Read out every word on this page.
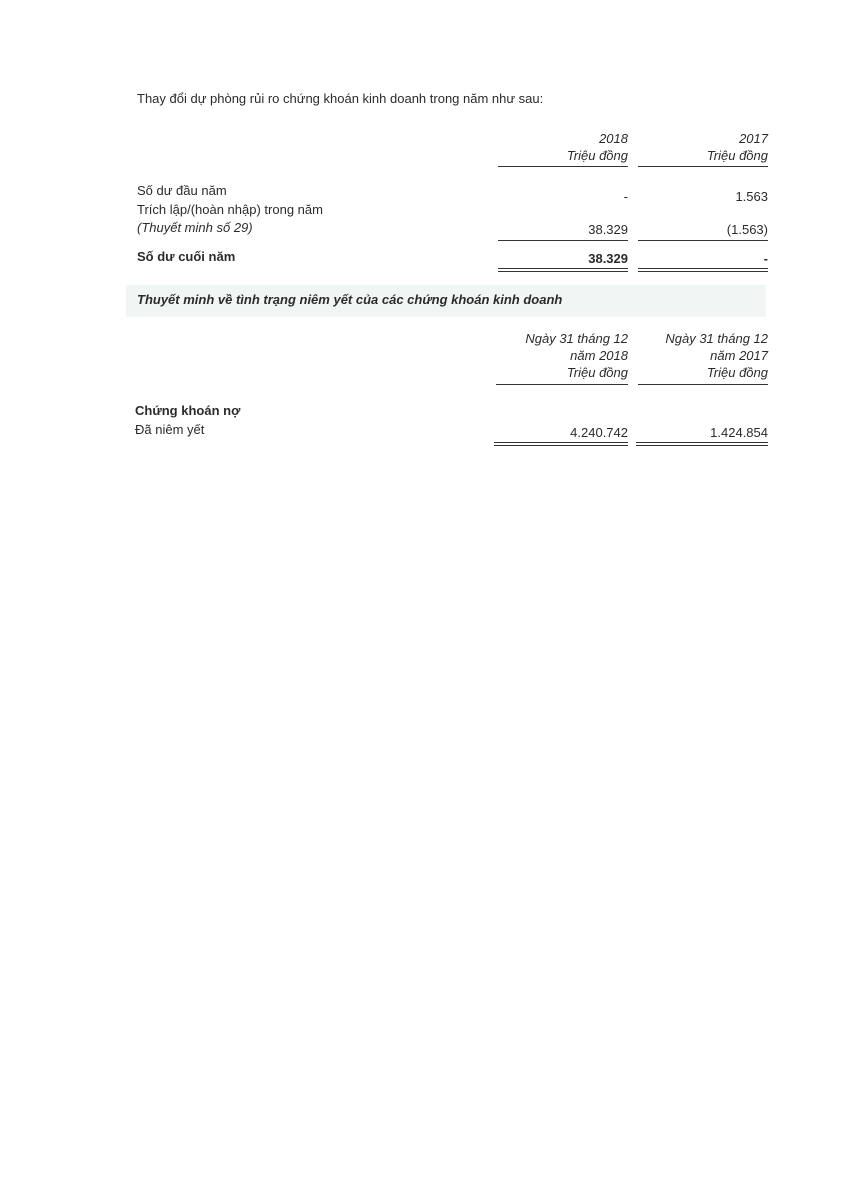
Thay đổi dự phòng rủi ro chứng khoán kinh doanh trong năm như sau:
2018
Triệu đồng
2017
Triệu đồng
Số dư đầu năm	-	1.563
Trích lập/(hoàn nhập) trong năm
(Thuyết minh số 29)	38.329	(1.563)
Số dư cuối năm	38.329	-
Thuyết minh về tình trạng niêm yết của các chứng khoán kinh doanh
Ngày 31 tháng 12
năm 2018
Triệu đồng
Ngày 31 tháng 12
năm 2017
Triệu đồng
Chứng khoán nợ
Đã niêm yết	4.240.742	1.424.854
